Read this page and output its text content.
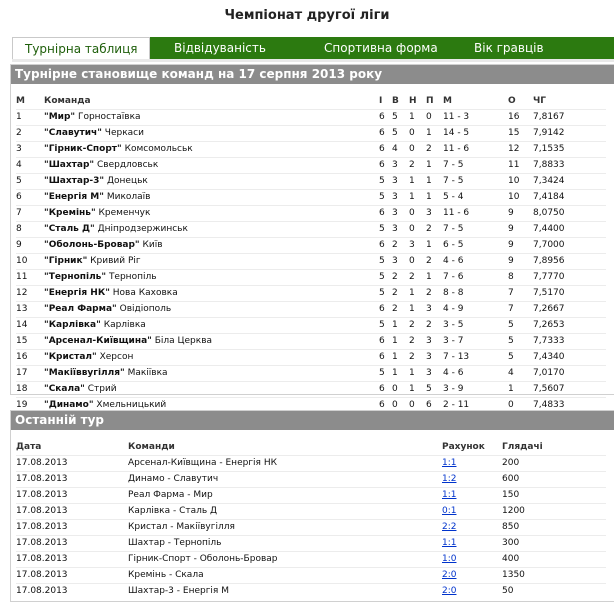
Чемпіонат другої ліги
Турнірна таблиця	Відвідуваність	Спортивна форма	Вік гравців
Турнірне становище команд на 17 серпня 2013 року
М	Команда	І	В	Н	П	М	О	ЧГ
1	"Мир" Горностаївка	6	5	1	0	11 - 3	16	7,8167
2	"Славутич" Черкаси	6	5	0	1	14 - 5	15	7,9142
3	"Гірник-Спорт" Комсомольськ	6	4	0	2	11 - 6	12	7,1535
4	"Шахтар" Свердловськ	6	3	2	1	7 - 5	11	7,8833
5	"Шахтар-3" Донецьк	5	3	1	1	7 - 5	10	7,3424
6	"Енергія М" Миколаїв	5	3	1	1	5 - 4	10	7,4184
7	"Кремінь" Кременчук	6	3	0	3	11 - 6	9	8,0750
8	"Сталь Д" Дніпродзержинськ	5	3	0	2	7 - 5	9	7,4400
9	"Оболонь-Бровар" Київ	6	2	3	1	6 - 5	9	7,7000
10	"Гірник" Кривий Ріг	5	3	0	2	4 - 6	9	7,8956
11	"Тернопіль" Тернопіль	5	2	2	1	7 - 6	8	7,7770
12	"Енергія НК" Нова Каховка	5	2	1	2	8 - 8	7	7,5170
13	"Реал Фарма" Овідіополь	6	2	1	3	4 - 9	7	7,2667
14	"Карлівка" Карлівка	5	1	2	2	3 - 5	5	7,2653
15	"Арсенал-Київщина" Біла Церква	6	1	2	3	3 - 7	5	7,7333
16	"Кристал" Херсон	6	1	2	3	7 - 13	5	7,4340
17	"Макіїввугілля" Макіївка	5	1	1	3	4 - 6	4	7,0170
18	"Скала" Стрий	6	0	1	5	3 - 9	1	7,5607
19	"Динамо" Хмельницький	6	0	0	6	2 - 11	0	7,4833
Останній тур
Дата	Команди	Рахунок	Глядачі
17.08.2013	Арсенал-Київщина - Енергія НК	1:1	200
17.08.2013	Динамо - Славутич	1:2	600
17.08.2013	Реал Фарма - Мир	1:1	150
17.08.2013	Карлівка - Сталь Д	0:1	1200
17.08.2013	Кристал - Макіївугілля	2:2	850
17.08.2013	Шахтар - Тернопіль	1:1	300
17.08.2013	Гірник-Спорт - Оболонь-Бровар	1:0	400
17.08.2013	Кремінь - Скала	2:0	1350
17.08.2013	Шахтар-3 - Енергія М	2:0	50
